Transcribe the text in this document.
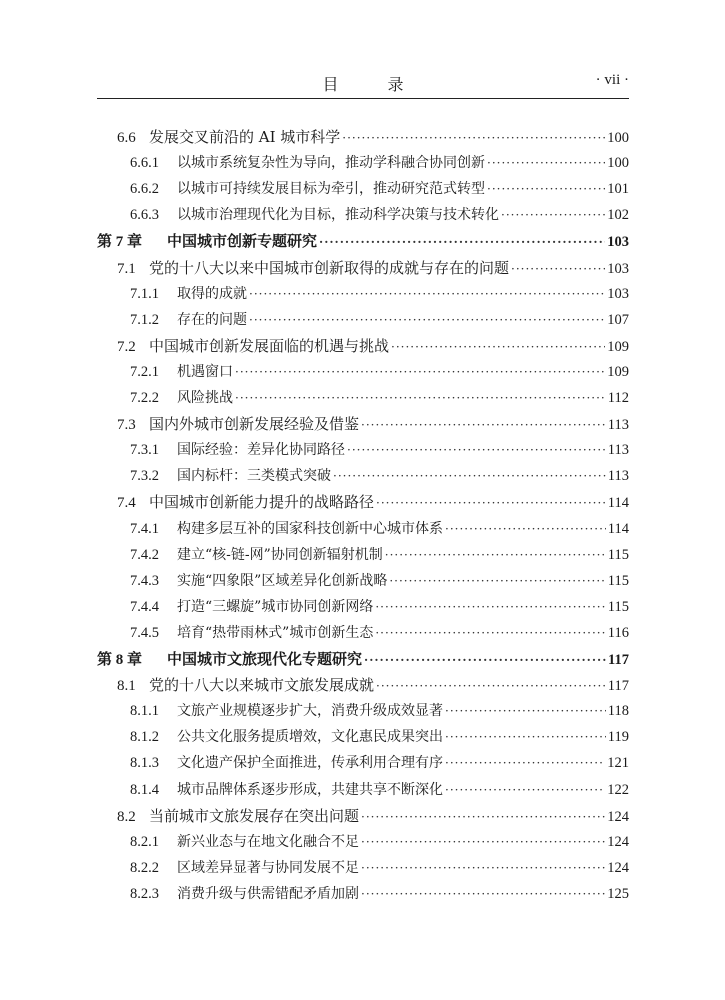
目 录	· vii ·
6.6 发展交叉前沿的 AI 城市科学 ·····	100
6.6.1	以城市系统复杂性为导向，推动学科融合协同创新 ·····	100
6.6.2	以城市可持续发展目标为牵引，推动研究范式转型 ·····	101
6.6.3	以城市治理现代化为目标，推动科学决策与技术转化 ·····	102
第 7 章	中国城市创新专题研究 ·····	103
7.1 党的十八大以来中国城市创新取得的成就与存在的问题 ·····	103
7.1.1	取得的成就 ·····	103
7.1.2	存在的问题 ·····	107
7.2 中国城市创新发展面临的机遇与挑战 ·····	109
7.2.1	机遇窗口 ·····	109
7.2.2	风险挑战 ·····	112
7.3 国内外城市创新发展经验及借鉴 ·····	113
7.3.1	国际经验：差异化协同路径 ·····	113
7.3.2	国内标杆：三类模式突破 ·····	113
7.4 中国城市创新能力提升的战略路径 ·····	114
7.4.1	构建多层互补的国家科技创新中心城市体系 ·····	114
7.4.2	建立“核-链-网”协同创新辐射机制 ·····	115
7.4.3	实施“四象限”区域差异化创新战略 ·····	115
7.4.4	打造“三螺旋”城市协同创新网络 ·····	115
7.4.5	培育“热带雨林式”城市创新生态 ·····	116
第 8 章	中国城市文旅现代化专题研究 ·····	117
8.1 党的十八大以来城市文旅发展成就 ·····	117
8.1.1	文旅产业规模逐步扩大，消费升级成效显著 ·····	118
8.1.2	公共文化服务提质增效，文化惠民成果突出 ·····	119
8.1.3	文化遗产保护全面推进，传承利用合理有序 ·····	121
8.1.4	城市品牌体系逐步形成，共建共享不断深化 ·····	122
8.2 当前城市文旅发展存在突出问题 ·····	124
8.2.1	新兴业态与在地文化融合不足 ·····	124
8.2.2	区域差异显著与协同发展不足 ·····	124
8.2.3	消费升级与供需错配矛盾加剧 ·····	125
